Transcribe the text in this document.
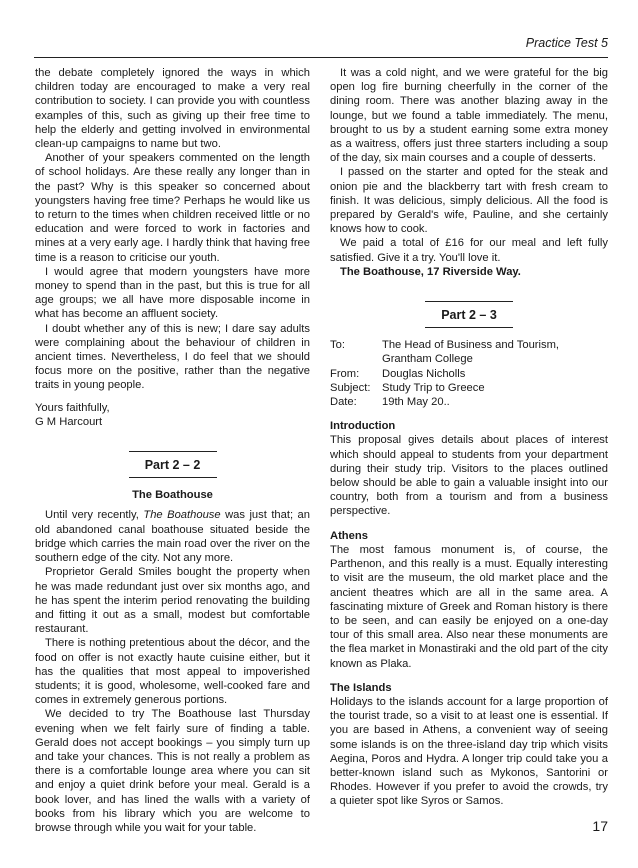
Practice Test 5

the debate completely ignored the ways in which children today are encouraged to make a very real contribution to society. I can provide you with countless examples of this, such as giving up their free time to help the elderly and getting involved in environmental clean-up campaigns to name but two.

Another of your speakers commented on the length of school holidays. Are these really any longer than in the past? Why is this speaker so concerned about youngsters having free time? Perhaps he would like us to return to the times when children received little or no education and were forced to work in factories and mines at a very early age. I hardly think that having free time is a reason to criticise our youth.

I would agree that modern youngsters have more money to spend than in the past, but this is true for all age groups; we all have more disposable income in what has become an affluent society.

I doubt whether any of this is new; I dare say adults were complaining about the behaviour of children in ancient times. Nevertheless, I do feel that we should focus more on the positive, rather than the negative traits in young people.

Yours faithfully,

G M Harcourt

Part 2 – 2
The Boathouse

Until very recently, The Boathouse was just that; an old abandoned canal boathouse situated beside the bridge which carries the main road over the river on the southern edge of the city. Not any more.

Proprietor Gerald Smiles bought the property when he was made redundant just over six months ago, and he has spent the interim period renovating the building and fitting it out as a small, modest but comfortable restaurant.

There is nothing pretentious about the décor, and the food on offer is not exactly haute cuisine either, but it has the qualities that most appeal to impoverished students; it is good, wholesome, well-cooked fare and comes in extremely generous portions.

We decided to try The Boathouse last Thursday evening when we felt fairly sure of finding a table. Gerald does not accept bookings – you simply turn up and take your chances. This is not really a problem as there is a comfortable lounge area where you can sit and enjoy a quiet drink before your meal. Gerald is a book lover, and has lined the walls with a variety of books from his library which you are welcome to browse through while you wait for your table.

It was a cold night, and we were grateful for the big open log fire burning cheerfully in the corner of the dining room. There was another blazing away in the lounge, but we found a table immediately. The menu, brought to us by a student earning some extra money as a waitress, offers just three starters including a soup of the day, six main courses and a couple of desserts.

I passed on the starter and opted for the steak and onion pie and the blackberry tart with fresh cream to finish. It was delicious, simply delicious. All the food is prepared by Gerald's wife, Pauline, and she certainly knows how to cook.

We paid a total of £16 for our meal and left fully satisfied. Give it a try. You'll love it.

The Boathouse, 17 Riverside Way.

Part 2 – 3
To:	The Head of Business and Tourism,
Grantham College
From:	Douglas Nicholls
Subject:	Study Trip to Greece
Date:	19th May 20..
Introduction

This proposal gives details about places of interest which should appeal to students from your department during their study trip. Visitors to the places outlined below should be able to gain a valuable insight into our country, both from a tourism and from a business perspective.

Athens

The most famous monument is, of course, the Parthenon, and this really is a must. Equally interesting to visit are the museum, the old market place and the ancient theatres which are all in the same area. A fascinating mixture of Greek and Roman history is there to be seen, and can easily be enjoyed on a one-day tour of this small area. Also near these monuments are the flea market in Monastiraki and the old part of the city known as Plaka.

The Islands

Holidays to the islands account for a large proportion of the tourist trade, so a visit to at least one is essential. If you are based in Athens, a convenient way of seeing some islands is on the three-island day trip which visits Aegina, Poros and Hydra. A longer trip could take you a better-known island such as Mykonos, Santorini or Rhodes. However if you prefer to avoid the crowds, try a quieter spot like Syros or Samos.

17
